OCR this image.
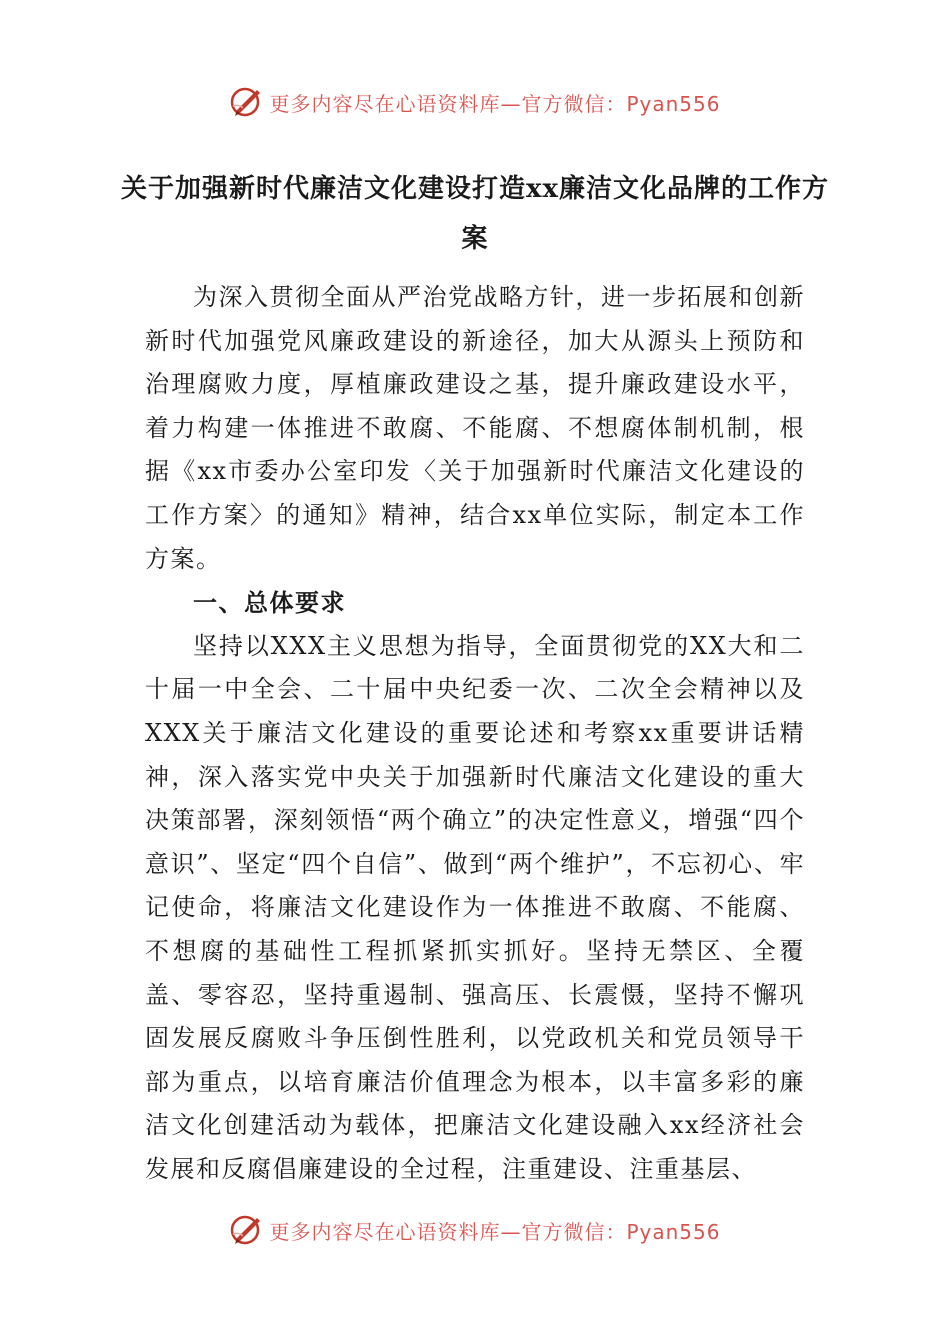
更多内容尽在心语资料库—官方微信：Pyan556
关于加强新时代廉洁文化建设打造xx廉洁文化品牌的工作方案

为深入贯彻全面从严治党战略方针，进一步拓展和创新新时代加强党风廉政建设的新途径，加大从源头上预防和治理腐败力度，厚植廉政建设之基，提升廉政建设水平，着力构建一体推进不敢腐、不能腐、不想腐体制机制，根据《xx市委办公室印发〈关于加强新时代廉洁文化建设的工作方案〉的通知》精神，结合xx单位实际，制定本工作方案。

一、总体要求

坚持以XXX主义思想为指导，全面贯彻党的XX大和二十届一中全会、二十届中央纪委一次、二次全会精神以及XXX关于廉洁文化建设的重要论述和考察xx重要讲话精神，深入落实党中央关于加强新时代廉洁文化建设的重大决策部署，深刻领悟“两个确立”的决定性意义，增强“四个意识”、坚定“四个自信”、做到“两个维护”，不忘初心、牢记使命，将廉洁文化建设作为一体推进不敢腐、不能腐、不想腐的基础性工程抓紧抓实抓好。坚持无禁区、全覆盖、零容忍，坚持重遏制、强高压、长震慑，坚持不懈巩固发展反腐败斗争压倒性胜利，以党政机关和党员领导干部为重点，以培育廉洁价值理念为根本，以丰富多彩的廉洁文化创建活动为载体，把廉洁文化建设融入xx经济社会发展和反腐倡廉建设的全过程，注重建设、注重基层、

更多内容尽在心语资料库—官方微信：Pyan556
